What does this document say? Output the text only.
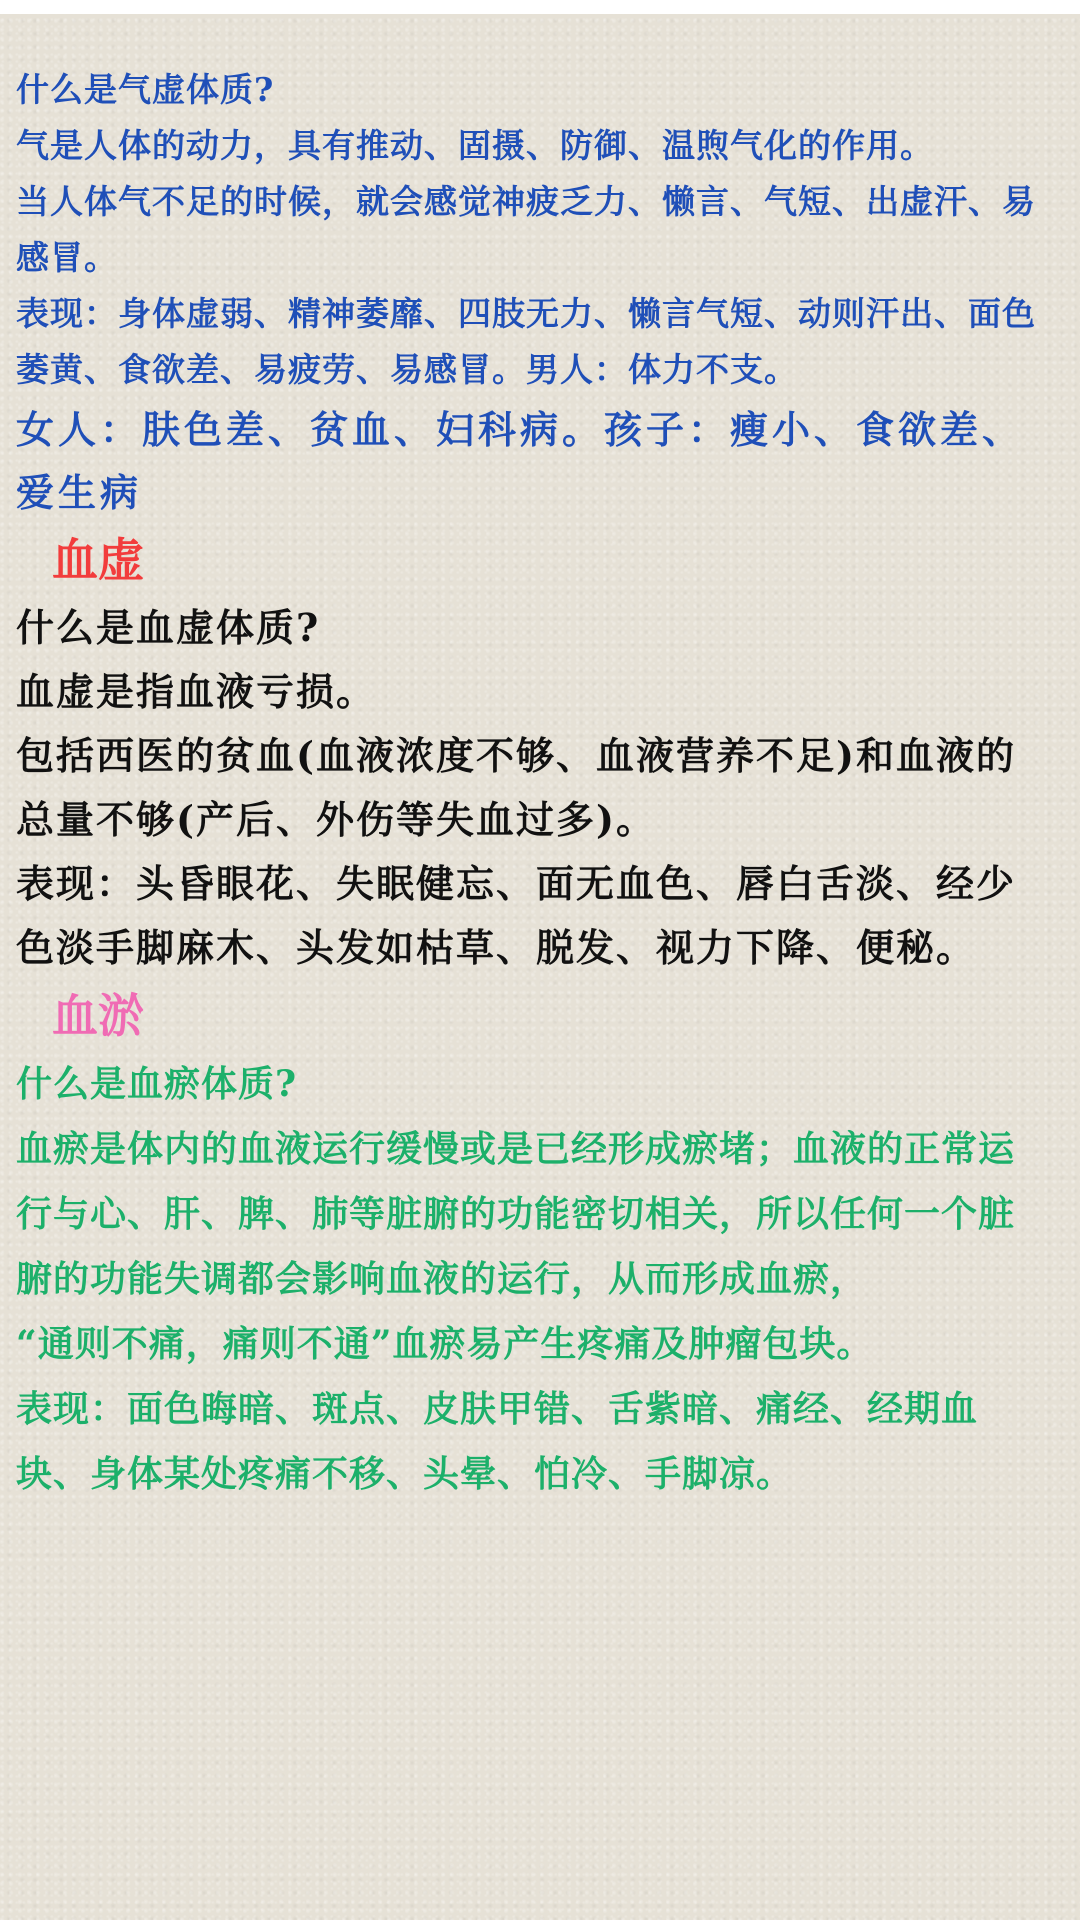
什么是气虚体质?

气是人体的动力，具有推动、固摄、防御、温煦气化的作用。

当人体气不足的时候，就会感觉神疲乏力、懒言、气短、出虚汗、易感冒。

表现：身体虚弱、精神萎靡、四肢无力、懒言气短、动则汗出、面色萎黄、食欲差、易疲劳、易感冒。男人：体力不支。

女人：肤色差、贫血、妇科病。孩子：瘦小、食欲差、爱生病

血虚

什么是血虚体质?

血虚是指血液亏损。

包括西医的贫血(血液浓度不够、血液营养不足)和血液的总量不够(产后、外伤等失血过多)。

表现：头昏眼花、失眠健忘、面无血色、唇白舌淡、经少色淡手脚麻木、头发如枯草、脱发、视力下降、便秘。

血淤

什么是血瘀体质?

血瘀是体内的血液运行缓慢或是已经形成瘀堵；血液的正常运行与心、肝、脾、肺等脏腑的功能密切相关，所以任何一个脏腑的功能失调都会影响血液的运行，从而形成血瘀，

“通则不痛，痛则不通”血瘀易产生疼痛及肿瘤包块。

表现：面色晦暗、斑点、皮肤甲错、舌紫暗、痛经、经期血块、身体某处疼痛不移、头晕、怕冷、手脚凉。
